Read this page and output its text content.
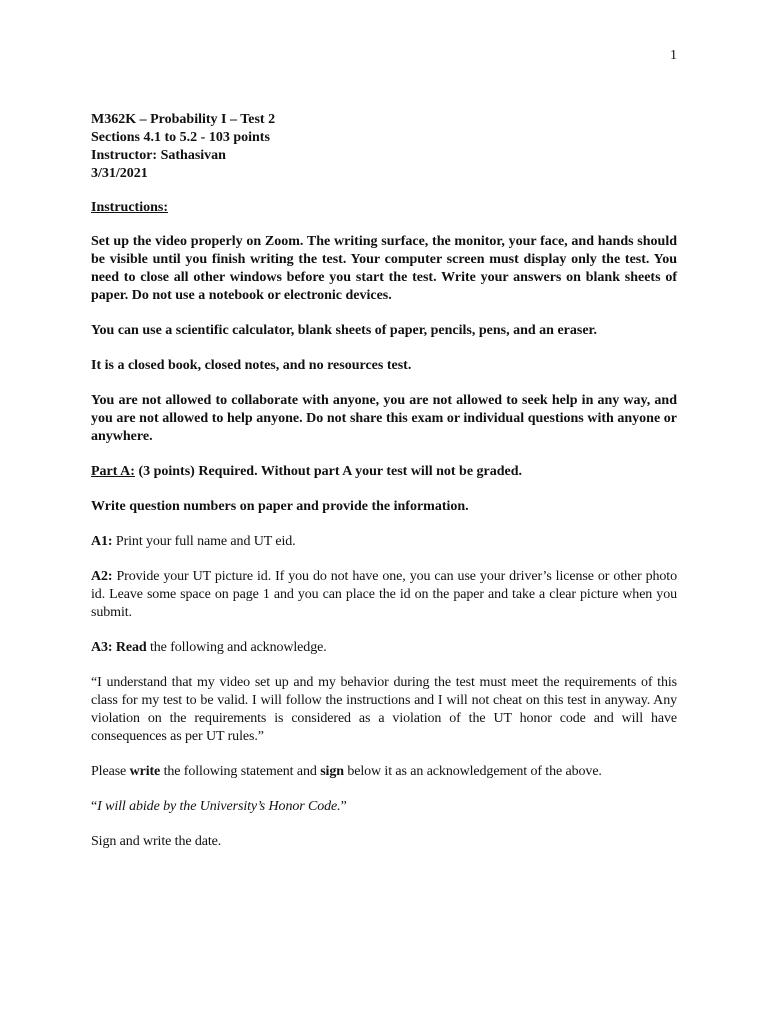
1
M362K – Probability I – Test 2
Sections 4.1 to 5.2 - 103 points
Instructor: Sathasivan
3/31/2021
Instructions:

Set up the video properly on Zoom. The writing surface, the monitor, your face, and hands should be visible until you finish writing the test. Your computer screen must display only the test. You need to close all other windows before you start the test. Write your answers on blank sheets of paper. Do not use a notebook or electronic devices.

You can use a scientific calculator, blank sheets of paper, pencils, pens, and an eraser.

It is a closed book, closed notes, and no resources test.

You are not allowed to collaborate with anyone, you are not allowed to seek help in any way, and you are not allowed to help anyone. Do not share this exam or individual questions with anyone or anywhere.

Part A: (3 points) Required. Without part A your test will not be graded.

Write question numbers on paper and provide the information.

A1: Print your full name and UT eid.

A2: Provide your UT picture id. If you do not have one, you can use your driver’s license or other photo id. Leave some space on page 1 and you can place the id on the paper and take a clear picture when you submit.

A3: Read the following and acknowledge.

“I understand that my video set up and my behavior during the test must meet the requirements of this class for my test to be valid. I will follow the instructions and I will not cheat on this test in anyway. Any violation on the requirements is considered as a violation of the UT honor code and will have consequences as per UT rules.”

Please write the following statement and sign below it as an acknowledgement of the above.

“I will abide by the University’s Honor Code.”

Sign and write the date.
